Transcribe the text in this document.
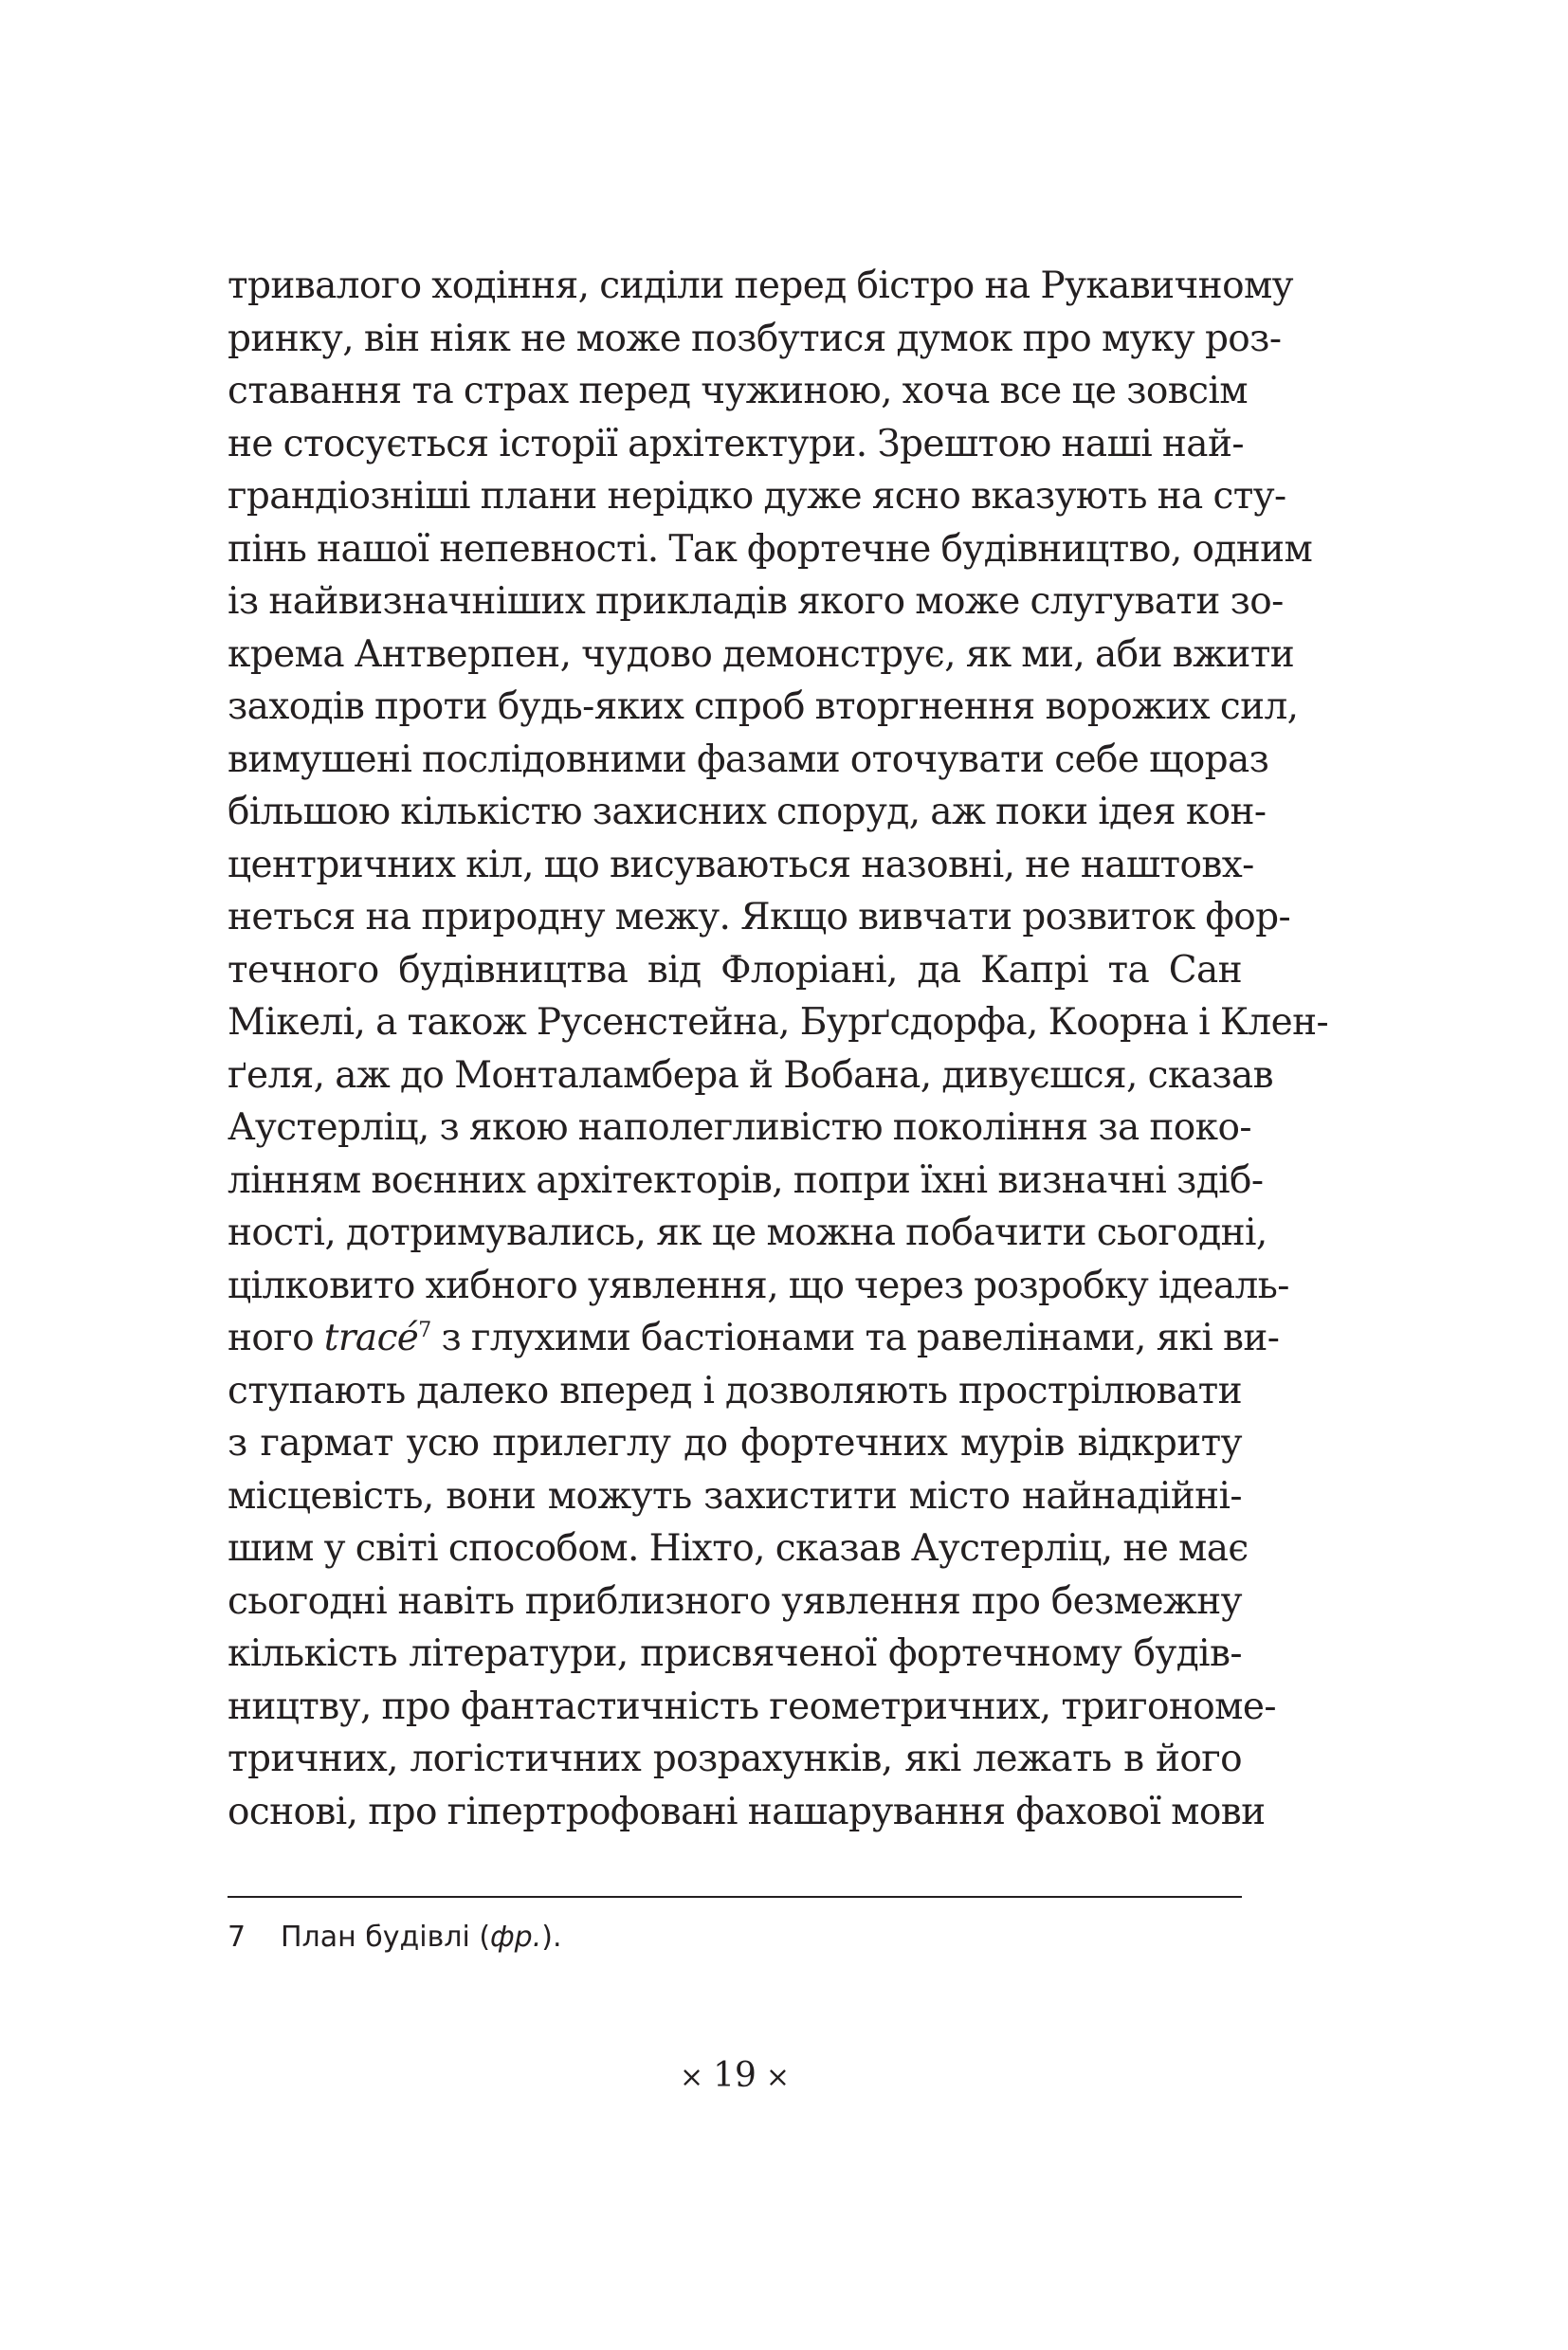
тривалого ходіння, сиділи перед бістро на Рукавичному
ринку, він ніяк не може позбутися думок про муку роз-
ставання та страх перед чужиною, хоча все це зовсім
не стосується історії архітектури. Зрештою наші най-
грандіозніші плани нерідко дуже ясно вказують на сту-
пінь нашої непевності. Так фортечне будівництво, одним
із найвизначніших прикладів якого може слугувати зо-
крема Антверпен, чудово демонструє, як ми, аби вжити
заходів проти будь-яких спроб вторгнення ворожих сил,
вимушені послідовними фазами оточувати себе щораз
більшою кількістю захисних споруд, аж поки ідея кон-
центричних кіл, що висуваються назовні, не наштовх-
неться на природну межу. Якщо вивчати розвиток фор-
течного будівництва від Флоріані, да Капрі та Сан
Мікелі, а також Русенстейна, Бурґсдорфа, Коорна і Клен-
ґеля, аж до Монталамбера й Вобана, дивуєшся, сказав
Аустерліц, з якою наполегливістю покоління за поко-
лінням воєнних архітекторів, попри їхні визначні здіб-
ності, дотримувались, як це можна побачити сьогодні,
цілковито хибного уявлення, що через розробку ідеаль-
ного tracé$^7$ з глухими бастіонами та равелінами, які ви-
ступають далеко вперед і дозволяють прострілювати
з гармат усю прилеглу до фортечних мурів відкриту
місцевість, вони можуть захистити місто найнадійні-
шим у світі способом. Ніхто, сказав Аустерліц, не має
сьогодні навіть приблизного уявлення про безмежну
кількість літератури, присвяченої фортечному будів-
ництву, про фантастичність геометричних, тригономе-
тричних, логістичних розрахунків, які лежать в його
основі, про гіпертрофовані нашарування фахової мови
7 План будівлі (фр.).
× 19 ×
